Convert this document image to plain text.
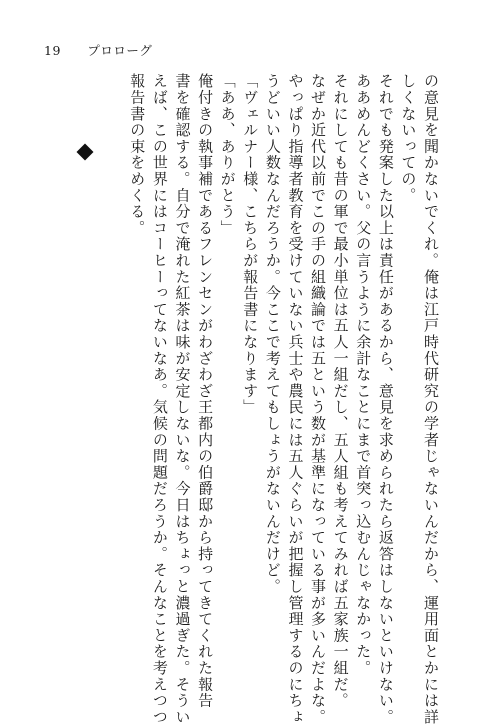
19 プロローグ

の意見を聞かないでくれ。俺は江戸時代研究の学者じゃないんだから、運用面とかには詳

しくないっての。

それでも発案した以上は責任があるから、意見を求められたら返答はしないといけない。

ああめんどくさい。父の言うように余計なことにまで首突っ込むんじゃなかった。

それにしても昔の軍で最小単位は五人一組だし、五人組も考えてみれば五家族一組だ。

なぜか近代以前でこの手の組織論では五という数が基準になっている事が多いんだよな。

やっぱり指導者教育を受けていない兵士や農民には五人ぐらいが把握し管理するのにちょ

うどいい人数なんだろうか。今ここで考えてもしょうがないんだけど。

「ヴェルナー様、こちらが報告書になります」

「ああ、ありがとう」

俺付きの執事補であるフレンセンがわざわざ王都内の伯爵邸から持ってきてくれた報告

書を確認する。自分で淹れた紅茶は味が安定しないな。今日はちょっと濃過ぎた。そうい

えば、この世界にはコーヒーってないなあ。気候の問題だろうか。そんなことを考えつつ

報告書の束をめくる。
